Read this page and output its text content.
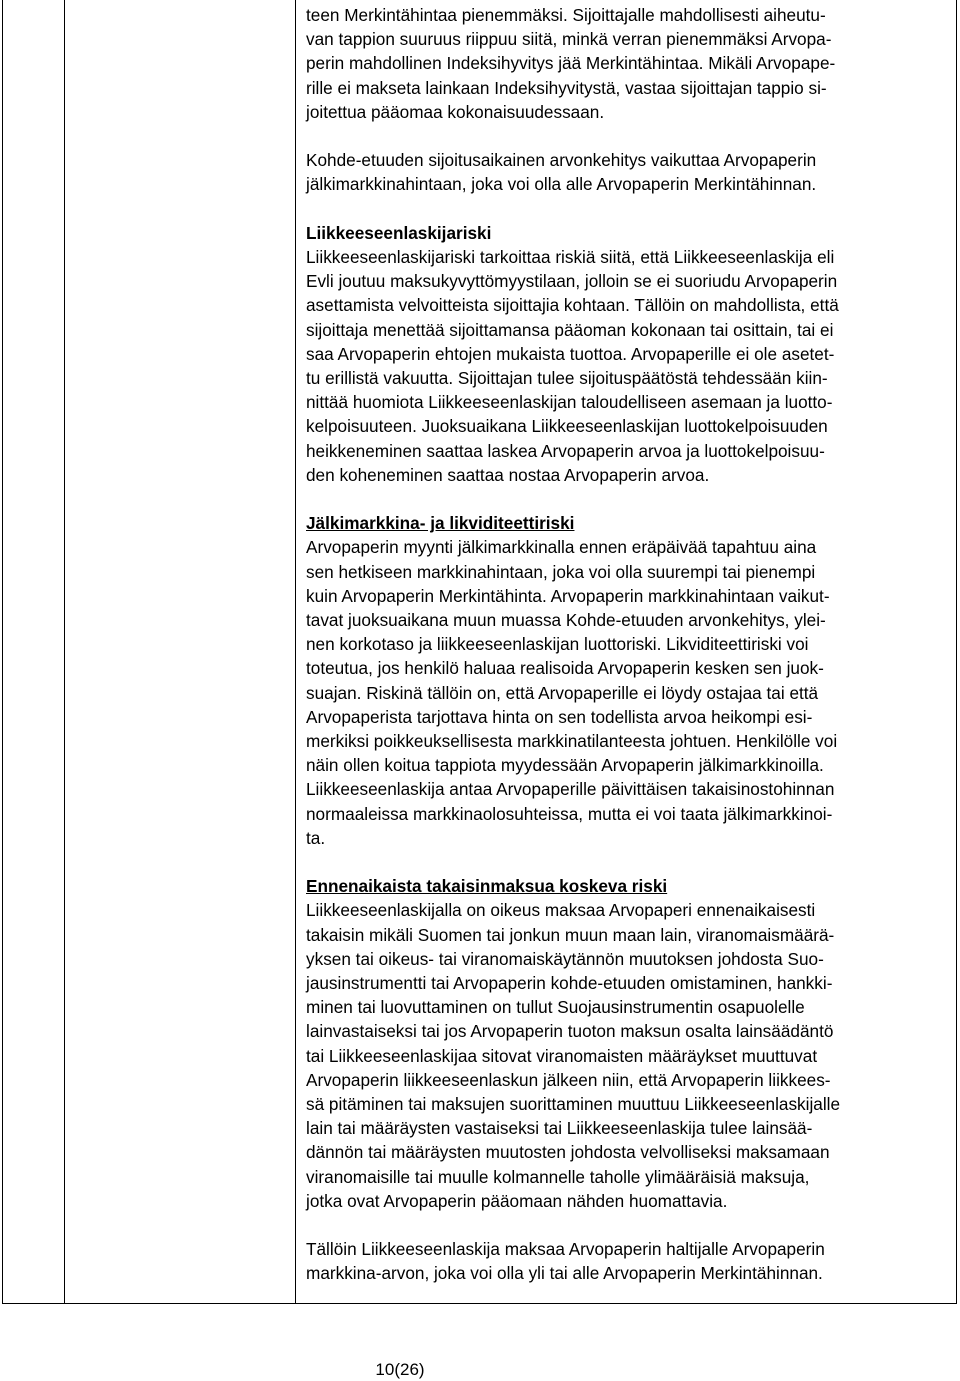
teen Merkintähintaa pienemmäksi. Sijoittajalle mahdollisesti aiheutu-
van tappion suuruus riippuu siitä, minkä verran pienemmäksi Arvopa-
perin mahdollinen Indeksihyvitys jää Merkintähintaa. Mikäli Arvopape-
rille ei makseta lainkaan Indeksihyvitystä, vastaa sijoittajan tappio si-
joitettua pääomaa kokonaisuudessaan.
Kohde-etuuden sijoitusaikainen arvonkehitys vaikuttaa Arvopaperin
jälkimarkkinahintaan, joka voi olla alle Arvopaperin Merkintähinnan.
Liikkeeseenlaskijariski
Liikkeeseenlaskijariski tarkoittaa riskiä siitä, että Liikkeeseenlaskija eli
Evli joutuu maksukyvyttömyystilaan, jolloin se ei suoriudu Arvopaperin
asettamista velvoitteista sijoittajia kohtaan. Tällöin on mahdollista, että
sijoittaja menettää sijoittamansa pääoman kokonaan tai osittain, tai ei
saa Arvopaperin ehtojen mukaista tuottoa. Arvopaperille ei ole asetet-
tu erillistä vakuutta. Sijoittajan tulee sijoituspäätöstä tehdessään kiin-
nittää huomiota Liikkeeseenlaskijan taloudelliseen asemaan ja luotto-
kelpoisuuteen. Juoksuaikana Liikkeeseenlaskijan luottokelpoisuuden
heikkeneminen saattaa laskea Arvopaperin arvoa ja luottokelpoisuu-
den koheneminen saattaa nostaa Arvopaperin arvoa.
Jälkimarkkina- ja likviditeettiriski
Arvopaperin myynti jälkimarkkinalla ennen eräpäivää tapahtuu aina
sen hetkiseen markkinahintaan, joka voi olla suurempi tai pienempi
kuin Arvopaperin Merkintähinta. Arvopaperin markkinahintaan vaikut-
tavat juoksuaikana muun muassa Kohde-etuuden arvonkehitys, ylei-
nen korkotaso ja liikkeeseenlaskijan luottoriski. Likviditeettiriski voi
toteutua, jos henkilö haluaa realisoida Arvopaperin kesken sen juok-
suajan. Riskinä tällöin on, että Arvopaperille ei löydy ostajaa tai että
Arvopaperista tarjottava hinta on sen todellista arvoa heikompi esi-
merkiksi poikkeuksellisesta markkinatilanteesta johtuen. Henkilölle voi
näin ollen koitua tappiota myydessään Arvopaperin jälkimarkkinoilla.
Liikkeeseenlaskija antaa Arvopaperille päivittäisen takaisinostohinnan
normaaleissa markkinaolosuhteissa, mutta ei voi taata jälkimarkkinoi-
ta.
Ennenaikaista takaisinmaksua koskeva riski
Liikkeeseenlaskijalla on oikeus maksaa Arvopaperi ennenaikaisesti
takaisin mikäli Suomen tai jonkun muun maan lain, viranomaismäärä-
yksen tai oikeus- tai viranomaiskäytännön muutoksen johdosta Suo-
jausinstrumentti tai Arvopaperin kohde-etuuden omistaminen, hankki-
minen tai luovuttaminen on tullut Suojausinstrumentin osapuolelle
lainvastaiseksi tai jos Arvopaperin tuoton maksun osalta lainsäädäntö
tai Liikkeeseenlaskijaa sitovat viranomaisten määräykset muuttuvat
Arvopaperin liikkeeseenlaskun jälkeen niin, että Arvopaperin liikkees-
sä pitäminen tai maksujen suorittaminen muuttuu Liikkeeseenlaskijalle
lain tai määräysten vastaiseksi tai Liikkeeseenlaskija tulee lainsää-
dännön tai määräysten muutosten johdosta velvolliseksi maksamaan
viranomaisille tai muulle kolmannelle taholle ylimääräisiä maksuja,
jotka ovat Arvopaperin pääomaan nähden huomattavia.
Tällöin Liikkeeseenlaskija maksaa Arvopaperin haltijalle Arvopaperin
markkina-arvon, joka voi olla yli tai alle Arvopaperin Merkintähinnan.
10(26)
